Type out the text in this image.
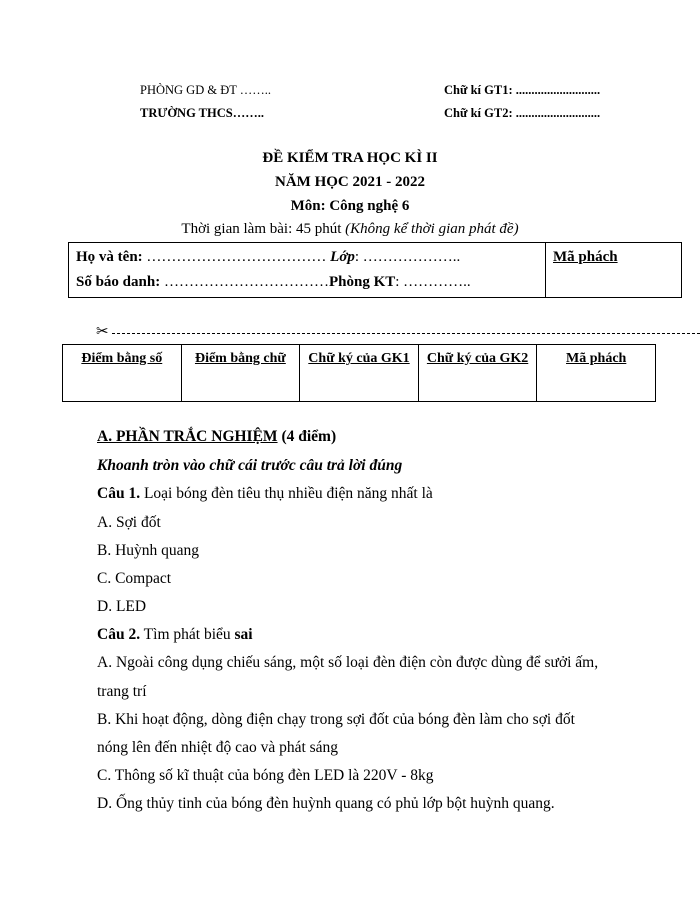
PHÒNG GD & ĐT ……..
TRƯỜNG THCS……..
Chữ kí GT1: ...........................
Chữ kí GT2: ...........................
ĐỀ KIỂM TRA HỌC KÌ II
NĂM HỌC 2021 - 2022
Môn: Công nghệ 6
Thời gian làm bài: 45 phút (Không kể thời gian phát đề)
Họ và tên: ……………………………… Lớp: ………………..
Số báo danh: ……………………………Phòng KT: …………..
Mã phách
✂
Điểm bằng số	Điểm bằng chữ	Chữ ký của GK1	Chữ ký của GK2	Mã phách
A. PHẦN TRẮC NGHIỆM (4 điểm)
Khoanh tròn vào chữ cái trước câu trả lời đúng
Câu 1. Loại bóng đèn tiêu thụ nhiều điện năng nhất là
A. Sợi đốt
B. Huỳnh quang
C. Compact
D. LED
Câu 2. Tìm phát biểu sai
A. Ngoài công dụng chiếu sáng, một số loại đèn điện còn được dùng để sưởi ấm,
trang trí
B. Khi hoạt động, dòng điện chạy trong sợi đốt của bóng đèn làm cho sợi đốt
nóng lên đến nhiệt độ cao và phát sáng
C. Thông số kĩ thuật của bóng đèn LED là 220V - 8kg
D. Ống thủy tinh của bóng đèn huỳnh quang có phủ lớp bột huỳnh quang.
